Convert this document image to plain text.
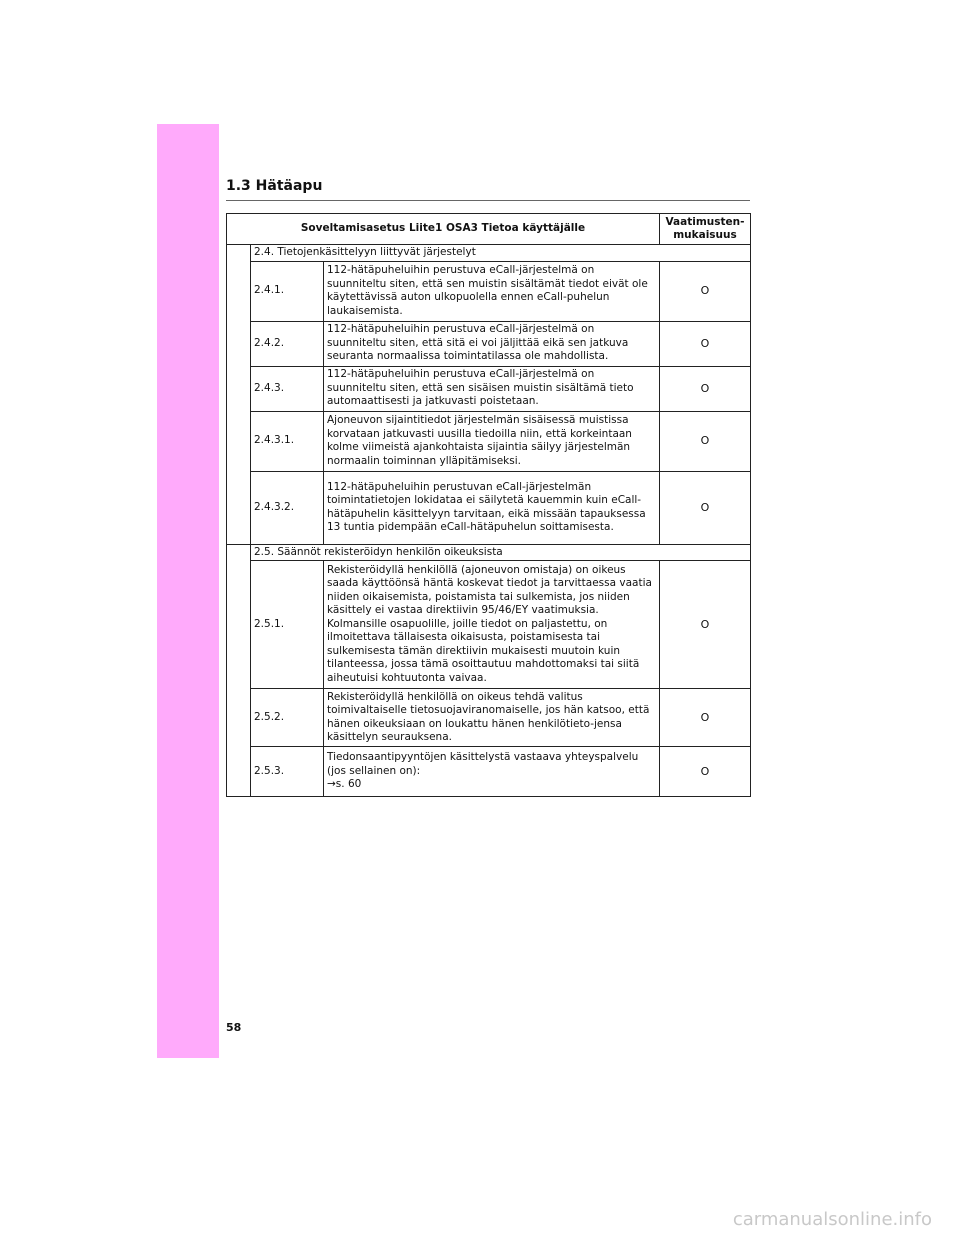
1.3 Hätäapu
Soveltamisasetus Liite1 OSA3 Tietoa käyttäjälle			Vaatimusten-
mukaisuus
	2.4. Tietojenkäsittelyyn liittyvät järjestelyt		
	2.4.1.	112-hätäpuheluihin perustuva eCall-järjestelmä on suunniteltu siten, että sen muistin sisältämät tiedot eivät ole käytettävissä auton ulkopuolella ennen eCall-puhelun laukaisemista.	O
	2.4.2.	112-hätäpuheluihin perustuva eCall-järjestelmä on suunniteltu siten, että sitä ei voi jäljittää eikä sen jatkuva seuranta normaalissa toimintatilassa ole mahdollista.	O
	2.4.3.	112-hätäpuheluihin perustuva eCall-järjestelmä on suunniteltu siten, että sen sisäisen muistin sisältämä tieto automaattisesti ja jatkuvasti poistetaan.	O
	2.4.3.1.	Ajoneuvon sijaintitiedot järjestelmän sisäisessä muistissa korvataan jatkuvasti uusilla tiedoilla niin, että korkeintaan kolme viimeistä ajankohtaista sijaintia säilyy järjestelmän normaalin toiminnan ylläpitämiseksi.	O
	2.4.3.2.	112-hätäpuheluihin perustuvan eCall-järjestelmän toimintatietojen lokidataa ei säilytetä kauemmin kuin eCall-hätäpuhelin käsittelyyn tarvitaan, eikä missään tapauksessa 13 tuntia pidempään eCall-hätäpuhelun soittamisesta.	O
	2.5. Säännöt rekisteröidyn henkilön oikeuksista		
	2.5.1.	Rekisteröidyllä henkilöllä (ajoneuvon omistaja) on oikeus saada käyttöönsä häntä koskevat tiedot ja tarvittaessa vaatia niiden oikaisemista, poistamista tai sulkemista, jos niiden käsittely ei vastaa direktiivin 95/46/EY vaatimuksia. Kolmansille osapuolille, joille tiedot on paljastettu, on ilmoitettava tällaisesta oikaisusta, poistamisesta tai sulkemisesta tämän direktiivin mukaisesti muutoin kuin tilanteessa, jossa tämä osoittautuu mahdottomaksi tai siitä aiheutuisi kohtuutonta vaivaa.	O
	2.5.2.	Rekisteröidyllä henkilöllä on oikeus tehdä valitus toimivaltaiselle tietosuojaviranomaiselle, jos hän katsoo, että hänen oikeuksiaan on loukattu hänen henkilötieto-jensa käsittelyn seurauksena.	O
	2.5.3.	Tiedonsaantipyyntöjen käsittelystä vastaava yhteyspalvelu (jos sellainen on):
→s. 60	O
58
carmanualsonline.info
